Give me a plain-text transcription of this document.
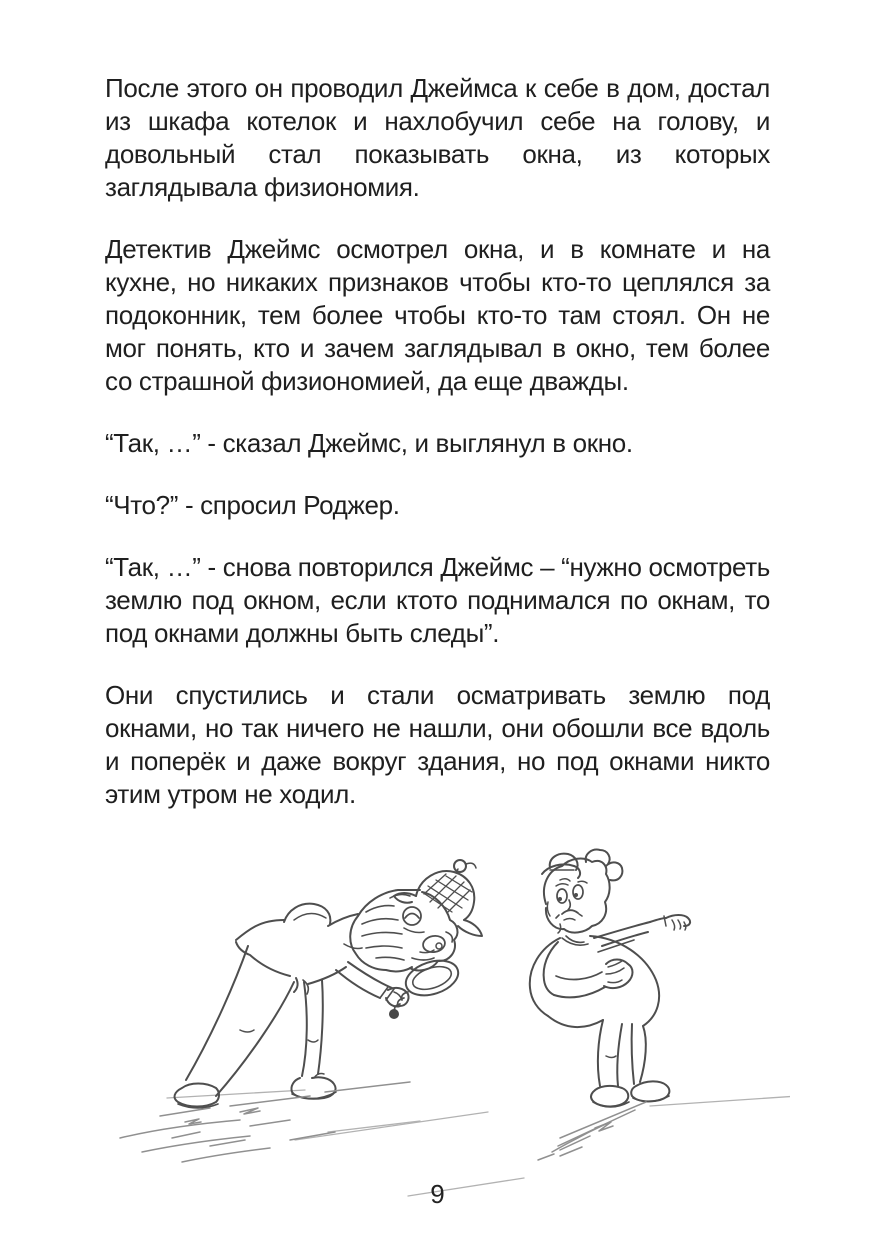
После этого он проводил Джеймса к себе в дом, достал из шкафа котелок и нахлобучил себе на голову, и довольный стал показывать окна, из которых заглядывала физиономия.

Детектив Джеймс осмотрел окна, и в комнате и на кухне, но никаких признаков чтобы кто-то цеплялся за подоконник, тем более чтобы кто-то там стоял. Он не мог понять, кто и зачем заглядывал в окно, тем более со страшной физиономией, да еще дважды.

“Так, …” - сказал Джеймс, и выглянул в окно.

“Что?” - спросил Роджер.

“Так, …” - снова повторился Джеймс – “нужно осмотреть землю под окном, если ктото поднимался по окнам, то под окнами должны быть следы”.

Они спустились и стали осматривать землю под окнами, но так ничего не нашли, они обошли все вдоль и поперёк и даже вокруг здания, но под окнами никто этим утром не ходил.

9
